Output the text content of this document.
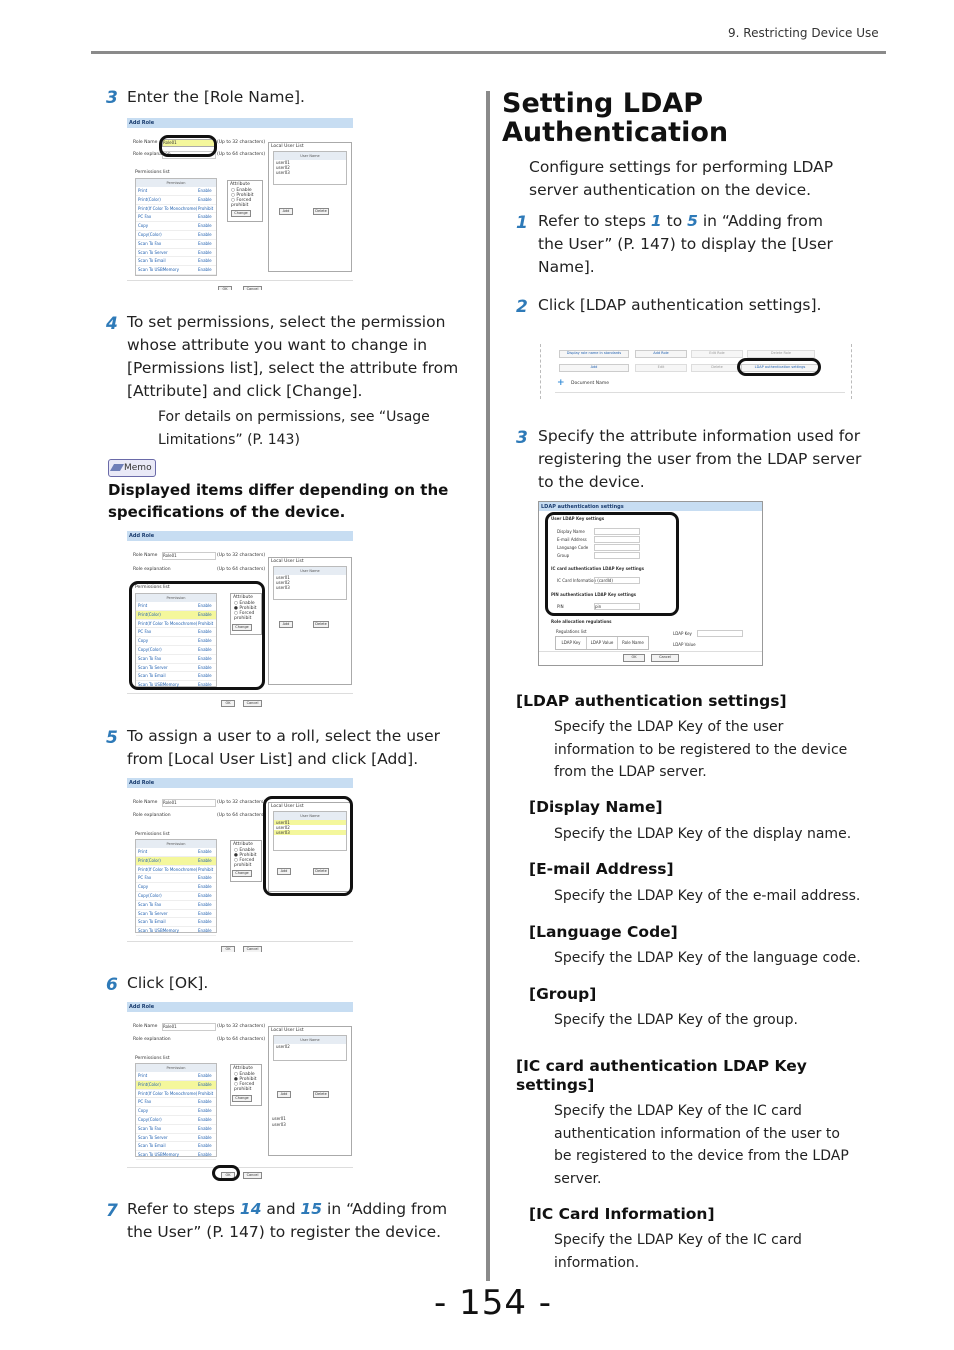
9. Restricting Device Use
3 Enter the [Role Name].
Add Role
Role Name Role01	(Up to 32 characters)
Role explanation	(Up to 64 characters)
Permissions list
Permission
Print	Enable
Print(Color)	Enable
Print(If Color To Monochrome) Prohibit
PC Fax	Enable
Copy	Enable
Copy(Color)	Enable
Scan To Fax	Enable
Scan To Server	Enable
Scan To Email	Enable
Scan To USBMemory	Enable
Attribute
○ Enable
○ Prohibit
○ Forced prohibit
Change
Local User List
User Name
user01
user02
user03
Add	Delete
OK	Cancel
4 To set permissions, select the permission
whose attribute you want to change in
[Permissions list], select the attribute from
[Attribute] and click [Change].
For details on permissions, see “Usage
Limitations” (P. 143)
Memo
Displayed items differ depending on the
specifications of the device.
Add Role
Role Name Role01	(Up to 32 characters)
Role explanation	(Up to 64 characters)
Permissions list
Permission
Print	Enable
Print(Color)	Enable
Print(If Color To Monochrome) Prohibit
PC Fax	Enable
Copy	Enable
Copy(Color)	Enable
Scan To Fax	Enable
Scan To Server	Enable
Scan To Email	Enable
Scan To USBMemory	Enable
Attribute
○ Enable
● Prohibit
○ Forced prohibit
Change
Local User List
User Name
user01
user02
user03
Add	Delete
OK	Cancel
5 To assign a user to a roll, select the user
from [Local User List] and click [Add].
Add Role
Role Name Role01	(Up to 32 characters)
Role explanation	(Up to 64 characters)
Permissions list
Permission
Print	Enable
Print(Color)	Enable
Print(If Color To Monochrome) Prohibit
PC Fax	Enable
Copy	Enable
Copy(Color)	Enable
Scan To Fax	Enable
Scan To Server	Enable
Scan To Email	Enable
Scan To USBMemory	Enable
Attribute
○ Enable
● Prohibit
○ Forced prohibit
Change
Local User List
User Name
user01
user02
user03
Add	Delete
OK	Cancel
6 Click [OK].
Add Role
Role Name Role01	(Up to 32 characters)
Role explanation	(Up to 64 characters)
Permissions list
Permission
Print	Enable
Print(Color)	Enable
Print(If Color To Monochrome) Prohibit
PC Fax	Enable
Copy	Enable
Copy(Color)	Enable
Scan To Fax	Enable
Scan To Server	Enable
Scan To Email	Enable
Scan To USBMemory	Enable
Attribute
○ Enable
● Prohibit
○ Forced prohibit
Change
Local User List
User Name
user02
Add	Delete
user01
user03
OK	Cancel
7 Refer to steps 14 and 15 in “Adding from
the User” (P. 147) to register the device.
Setting LDAP
Authentication
Configure settings for performing LDAP
server authentication on the device.
1 Refer to steps 1 to 5 in “Adding from
the User” (P. 147) to display the [User
Name].
2 Click [LDAP authentication settings].
Display role name in standards	Add Role	Edit Role	Delete Role
Add	Edit	Delete	LDAP authentication settings
+ Document Name
3 Specify the attribute information used for
registering the user from the LDAP server
to the device.
LDAP authentication settings
User LDAP Key settings
Display Name
E-mail Address
Language Code
Group
IC card authentication LDAP Key settings
IC Card Information (cardId)
PIN authentication LDAP Key settings
PIN	pin
Role allocation regulations
Regulations list
LDAP Key	LDAP Value	Role Name
LDAP Key
LDAP Value
OK	Cancel
[LDAP authentication settings]
Specify the LDAP Key of the user
information to be registered to the device
from the LDAP server.
[Display Name]
Specify the LDAP Key of the display name.
[E-mail Address]
Specify the LDAP Key of the e-mail address.
[Language Code]
Specify the LDAP Key of the language code.
[Group]
Specify the LDAP Key of the group.
[IC card authentication LDAP Key
settings]
Specify the LDAP Key of the IC card
authentication information of the user to
be registered to the device from the LDAP
server.
[IC Card Information]
Specify the LDAP Key of the IC card
information.
- 154 -
